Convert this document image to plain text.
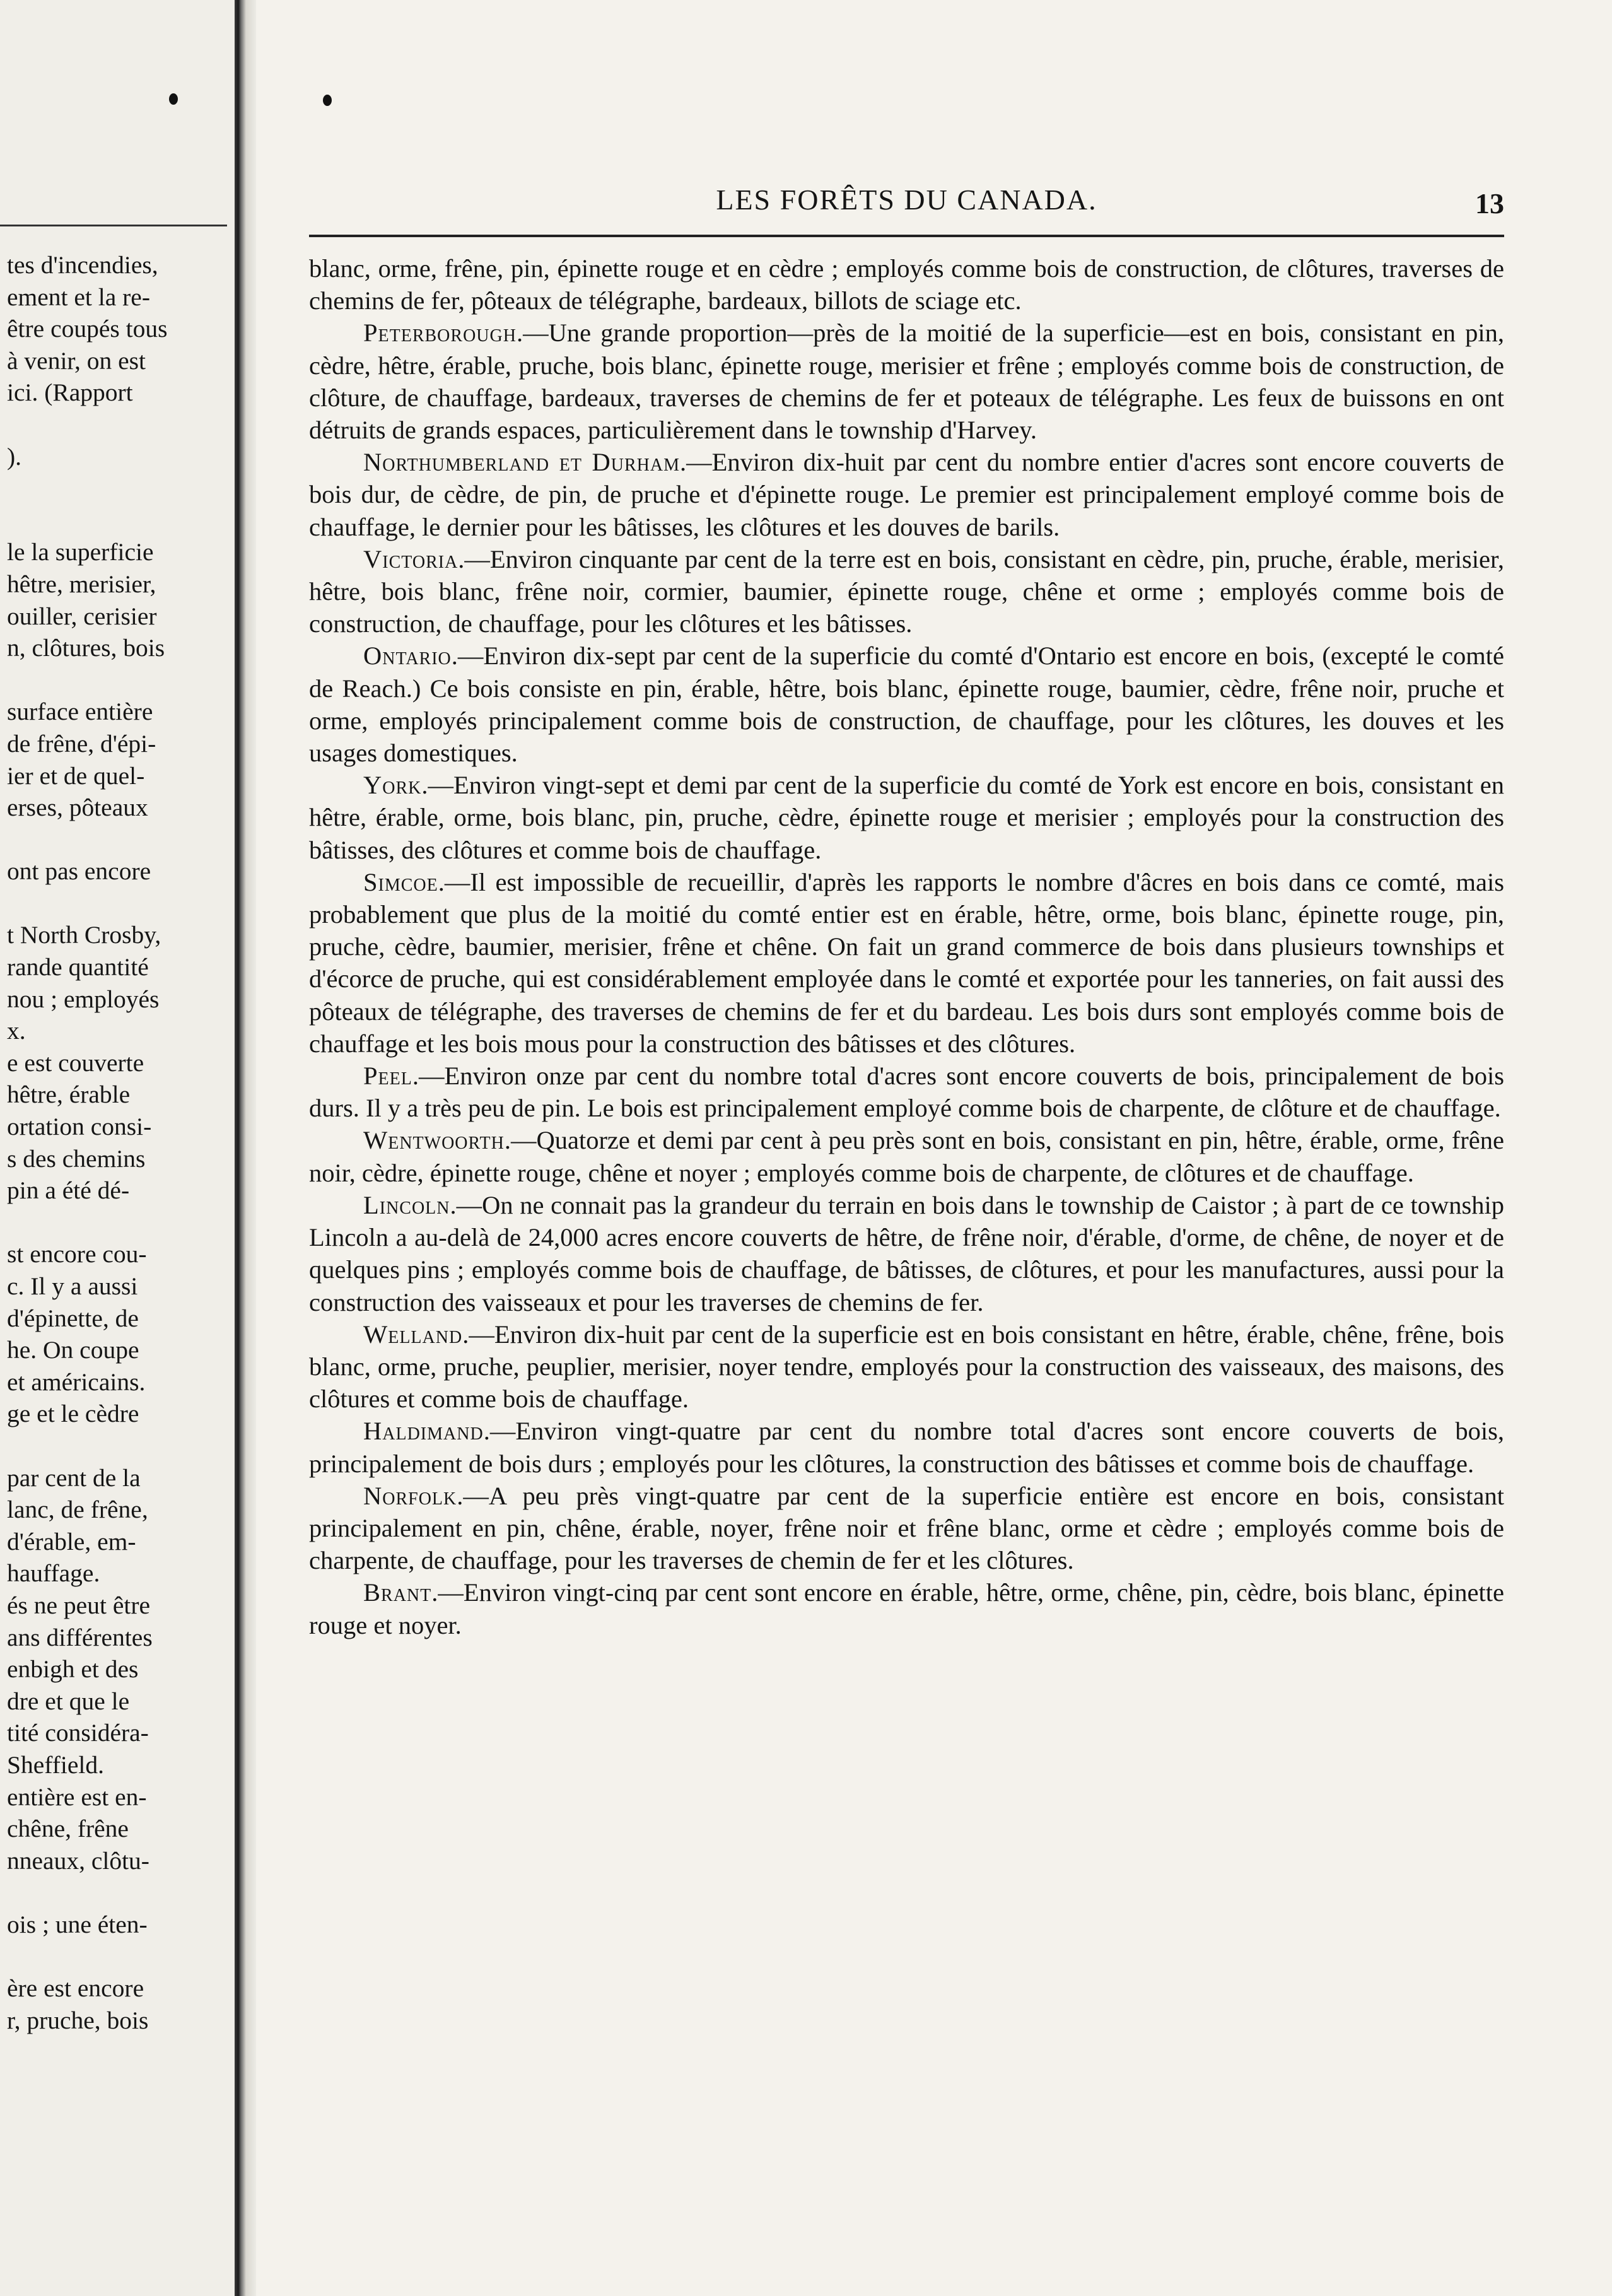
tes d'incendies,
ement et la re-
être coupés tous
à venir, on est
ici. (Rapport

).

le la superficie
hêtre, merisier,
ouiller, cerisier
n, clôtures, bois

surface entière
de frêne, d'épi-
ier et de quel-
erses, pôteaux

ont pas encore

t North Crosby,
rande quantité
nou ; employés
x.
e est couverte
hêtre, érable
ortation consi-
s des chemins
pin a été dé-

st encore cou-
c. Il y a aussi
d'épinette, de
he. On coupe
et américains.
ge et le cèdre

par cent de la
lanc, de frêne,
d'érable, em-
hauffage.
és ne peut être
ans différentes
enbigh et des
dre et que le
tité considéra-
Sheffield.
entière est en-
chêne, frêne
nneaux, clôtu-

ois ; une éten-

ère est encore
r, pruche, bois
LES FORÊTS DU CANADA.	13

blanc, orme, frêne, pin, épinette rouge et en cèdre ; employés comme bois de construction, de clôtures, traverses de chemins de fer, pôteaux de télégraphe, bardeaux, billots de sciage etc.

Peterborough.—Une grande proportion—près de la moitié de la superficie—est en bois, consistant en pin, cèdre, hêtre, érable, pruche, bois blanc, épinette rouge, merisier et frêne ; employés comme bois de construction, de clôture, de chauffage, bardeaux, traverses de chemins de fer et poteaux de télégraphe. Les feux de buissons en ont détruits de grands espaces, particulièrement dans le township d'Harvey.

Northumberland et Durham.—Environ dix-huit par cent du nombre entier d'acres sont encore couverts de bois dur, de cèdre, de pin, de pruche et d'épinette rouge. Le premier est principalement employé comme bois de chauffage, le dernier pour les bâtisses, les clôtures et les douves de barils.

Victoria.—Environ cinquante par cent de la terre est en bois, consistant en cèdre, pin, pruche, érable, merisier, hêtre, bois blanc, frêne noir, cormier, baumier, épinette rouge, chêne et orme ; employés comme bois de construction, de chauffage, pour les clôtures et les bâtisses.

Ontario.—Environ dix-sept par cent de la superficie du comté d'Ontario est encore en bois, (excepté le comté de Reach.) Ce bois consiste en pin, érable, hêtre, bois blanc, épinette rouge, baumier, cèdre, frêne noir, pruche et orme, employés principalement comme bois de construction, de chauffage, pour les clôtures, les douves et les usages domestiques.

York.—Environ vingt-sept et demi par cent de la superficie du comté de York est encore en bois, consistant en hêtre, érable, orme, bois blanc, pin, pruche, cèdre, épinette rouge et merisier ; employés pour la construction des bâtisses, des clôtures et comme bois de chauffage.

Simcoe.—Il est impossible de recueillir, d'après les rapports le nombre d'âcres en bois dans ce comté, mais probablement que plus de la moitié du comté entier est en érable, hêtre, orme, bois blanc, épinette rouge, pin, pruche, cèdre, baumier, merisier, frêne et chêne. On fait un grand commerce de bois dans plusieurs townships et d'écorce de pruche, qui est considérablement employée dans le comté et exportée pour les tanneries, on fait aussi des pôteaux de télégraphe, des traverses de chemins de fer et du bardeau. Les bois durs sont employés comme bois de chauffage et les bois mous pour la construction des bâtisses et des clôtures.

Peel.—Environ onze par cent du nombre total d'acres sont encore couverts de bois, principalement de bois durs. Il y a très peu de pin. Le bois est principalement employé comme bois de charpente, de clôture et de chauffage.

Wentwoorth.—Quatorze et demi par cent à peu près sont en bois, consistant en pin, hêtre, érable, orme, frêne noir, cèdre, épinette rouge, chêne et noyer ; employés comme bois de charpente, de clôtures et de chauffage.

Lincoln.—On ne connait pas la grandeur du terrain en bois dans le township de Caistor ; à part de ce township Lincoln a au-delà de 24,000 acres encore couverts de hêtre, de frêne noir, d'érable, d'orme, de chêne, de noyer et de quelques pins ; employés comme bois de chauffage, de bâtisses, de clôtures, et pour les manufactures, aussi pour la construction des vaisseaux et pour les traverses de chemins de fer.

Welland.—Environ dix-huit par cent de la superficie est en bois consistant en hêtre, érable, chêne, frêne, bois blanc, orme, pruche, peuplier, merisier, noyer tendre, employés pour la construction des vaisseaux, des maisons, des clôtures et comme bois de chauffage.

Haldimand.—Environ vingt-quatre par cent du nombre total d'acres sont encore couverts de bois, principalement de bois durs ; employés pour les clôtures, la construction des bâtisses et comme bois de chauffage.

Norfolk.—A peu près vingt-quatre par cent de la superficie entière est encore en bois, consistant principalement en pin, chêne, érable, noyer, frêne noir et frêne blanc, orme et cèdre ; employés comme bois de charpente, de chauffage, pour les traverses de chemin de fer et les clôtures.

Brant.—Environ vingt-cinq par cent sont encore en érable, hêtre, orme, chêne, pin, cèdre, bois blanc, épinette rouge et noyer.
